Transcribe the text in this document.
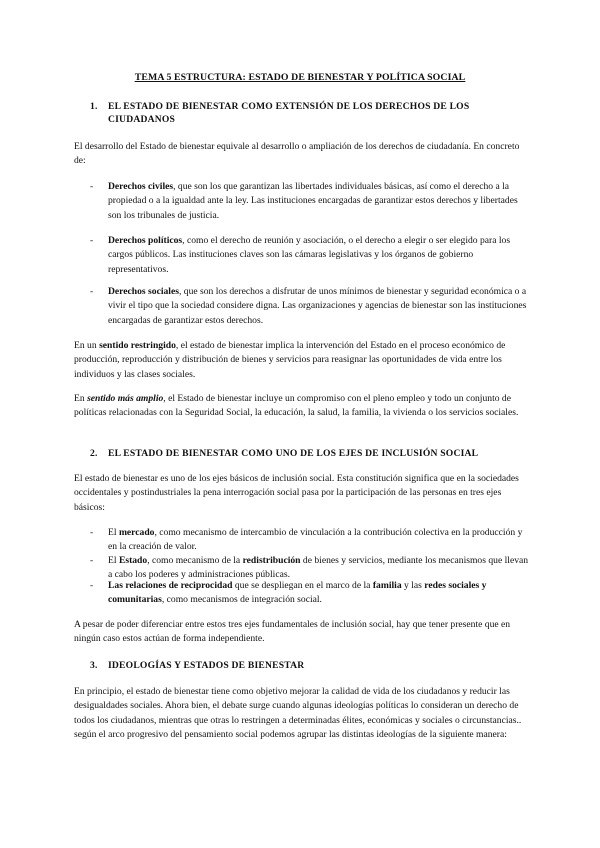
TEMA 5 ESTRUCTURA: ESTADO DE BIENESTAR Y POLÍTICA SOCIAL
1.	EL ESTADO DE BIENESTAR COMO EXTENSIÓN DE LOS DERECHOS DE LOS CIUDADANOS

El desarrollo del Estado de bienestar equivale al desarrollo o ampliación de los derechos de ciudadanía. En concreto de:

- Derechos civiles, que son los que garantizan las libertades individuales básicas, así como el derecho a la propiedad o a la igualdad ante la ley. Las instituciones encargadas de garantizar estos derechos y libertades son los tribunales de justicia.

- Derechos políticos, como el derecho de reunión y asociación, o el derecho a elegir o ser elegido para los cargos públicos. Las instituciones claves son las cámaras legislativas y los órganos de gobierno representativos.

- Derechos sociales, que son los derechos a disfrutar de unos mínimos de bienestar y seguridad económica o a vivir el tipo que la sociedad considere digna. Las organizaciones y agencias de bienestar son las instituciones encargadas de garantizar estos derechos.

En un sentido restringido, el estado de bienestar implica la intervención del Estado en el proceso económico de producción, reproducción y distribución de bienes y servicios para reasignar las oportunidades de vida entre los individuos y las clases sociales.

En sentido más amplio, el Estado de bienestar incluye un compromiso con el pleno empleo y todo un conjunto de políticas relacionadas con la Seguridad Social, la educación, la salud, la familia, la vivienda o los servicios sociales.

2.	EL ESTADO DE BIENESTAR COMO UNO DE LOS EJES DE INCLUSIÓN SOCIAL

El estado de bienestar es uno de los ejes básicos de inclusión social. Esta constitución significa que en la sociedades occidentales y postindustriales la pena interrogación social pasa por la participación de las personas en tres ejes básicos:

- El mercado, como mecanismo de intercambio de vinculación a la contribución colectiva en la producción y en la creación de valor.

- El Estado, como mecanismo de la redistribución de bienes y servicios, mediante los mecanismos que llevan a cabo los poderes y administraciones públicas.

- Las relaciones de reciprocidad que se despliegan en el marco de la familia y las redes sociales y comunitarias, como mecanismos de integración social.

A pesar de poder diferenciar entre estos tres ejes fundamentales de inclusión social, hay que tener presente que en ningún caso estos actúan de forma independiente.

3.	IDEOLOGÍAS Y ESTADOS DE BIENESTAR

En principio, el estado de bienestar tiene como objetivo mejorar la calidad de vida de los ciudadanos y reducir las desigualdades sociales. Ahora bien, el debate surge cuando algunas ideologías políticas lo consideran un derecho de todos los ciudadanos, mientras que otras lo restringen a determinadas élites, económicas y sociales o circunstancias.. según el arco progresivo del pensamiento social podemos agrupar las distintas ideologías de la siguiente manera:
